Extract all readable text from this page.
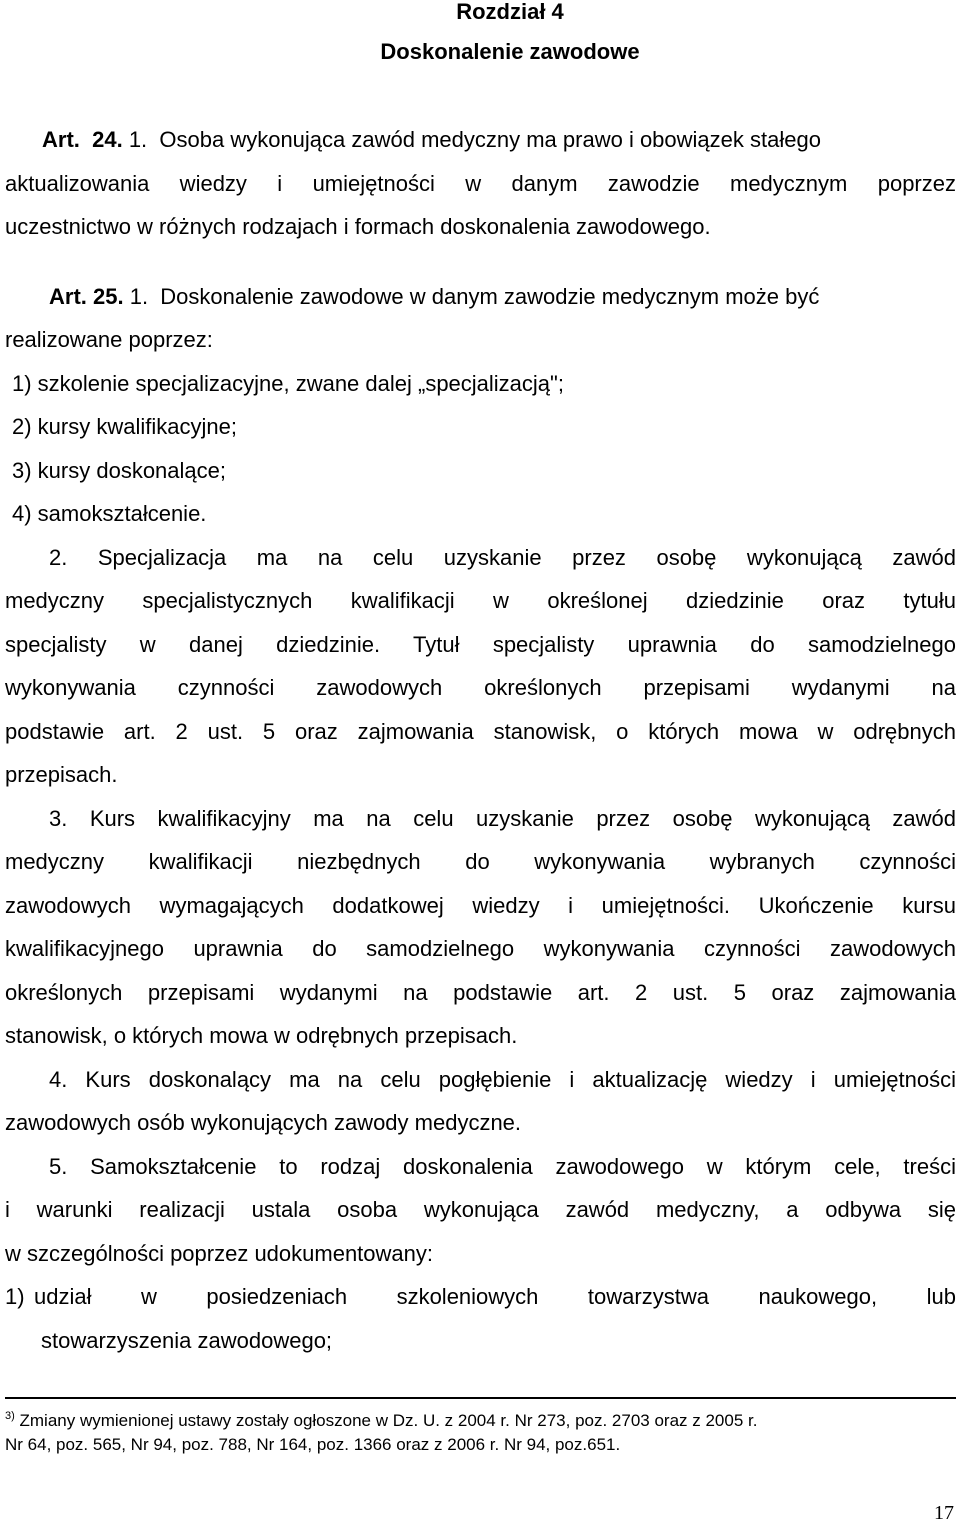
Rozdział 4
Doskonalenie zawodowe
Art.  24. 1.  Osoba wykonująca zawód medyczny ma prawo i obowiązek stałego
aktualizowania wiedzy i umiejętności w danym zawodzie medycznym poprzez
uczestnictwo w różnych rodzajach i formach doskonalenia zawodowego.
Art. 25. 1.  Doskonalenie zawodowe w danym zawodzie medycznym może być
realizowane poprzez:
1) szkolenie specjalizacyjne, zwane dalej „specjalizacją";
2) kursy kwalifikacyjne;
3) kursy doskonalące;
4) samokształcenie.
2. Specjalizacja ma na celu uzyskanie przez osobę wykonującą zawód
medyczny specjalistycznych kwalifikacji w określonej dziedzinie oraz tytułu
specjalisty w danej dziedzinie. Tytuł specjalisty uprawnia do samodzielnego
wykonywania czynności zawodowych określonych przepisami wydanymi na
podstawie art. 2 ust. 5 oraz zajmowania stanowisk, o których mowa w odrębnych
przepisach.
3. Kurs kwalifikacyjny ma na celu uzyskanie przez osobę wykonującą zawód
medyczny kwalifikacji niezbędnych do wykonywania wybranych czynności
zawodowych wymagających dodatkowej wiedzy i umiejętności. Ukończenie kursu
kwalifikacyjnego uprawnia do samodzielnego wykonywania czynności zawodowych
określonych przepisami wydanymi na podstawie art. 2 ust. 5 oraz zajmowania
stanowisk, o których mowa w odrębnych przepisach.
4. Kurs doskonalący ma na celu pogłębienie i aktualizację wiedzy i umiejętności
zawodowych osób wykonujących zawody medyczne.
5. Samokształcenie to rodzaj doskonalenia zawodowego w którym cele, treści
i warunki realizacji ustala osoba wykonująca zawód medyczny, a odbywa się
w szczególności poprzez udokumentowany:
1) udział w posiedzeniach szkoleniowych towarzystwa naukowego, lub
stowarzyszenia zawodowego;
$^{3)}$ Zmiany wymienionej ustawy zostały ogłoszone w Dz. U. z 2004 r. Nr 273, poz. 2703 oraz z 2005 r.
Nr 64, poz. 565, Nr 94, poz. 788, Nr 164, poz. 1366 oraz z 2006 r. Nr 94, poz.651.
17
